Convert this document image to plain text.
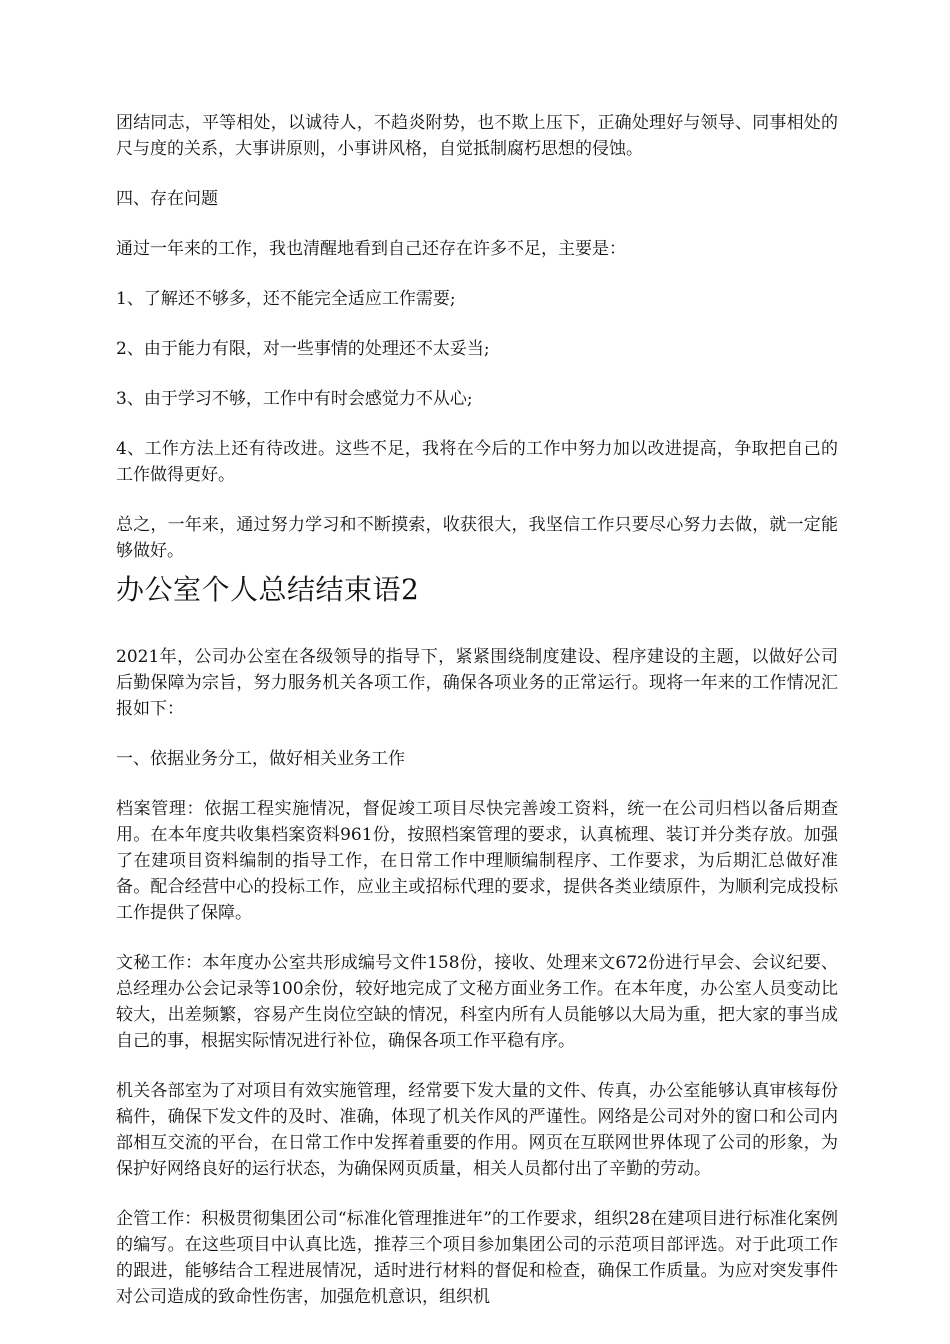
团结同志，平等相处，以诚待人，不趋炎附势，也不欺上压下，正确处理好与领导、同事相处的尺与度的关系，大事讲原则，小事讲风格，自觉抵制腐朽思想的侵蚀。

四、存在问题

通过一年来的工作，我也清醒地看到自己还存在许多不足，主要是：

1、了解还不够多，还不能完全适应工作需要;

2、由于能力有限，对一些事情的处理还不太妥当;

3、由于学习不够，工作中有时会感觉力不从心;

4、工作方法上还有待改进。这些不足，我将在今后的工作中努力加以改进提高，争取把自己的工作做得更好。

总之，一年来，通过努力学习和不断摸索，收获很大，我坚信工作只要尽心努力去做，就一定能够做好。

办公室个人总结结束语2

2021年，公司办公室在各级领导的指导下，紧紧围绕制度建设、程序建设的主题，以做好公司后勤保障为宗旨，努力服务机关各项工作，确保各项业务的正常运行。现将一年来的工作情况汇报如下：

一、依据业务分工，做好相关业务工作

档案管理：依据工程实施情况，督促竣工项目尽快完善竣工资料，统一在公司归档以备后期查用。在本年度共收集档案资料961份，按照档案管理的要求，认真梳理、装订并分类存放。加强了在建项目资料编制的指导工作，在日常工作中理顺编制程序、工作要求，为后期汇总做好准备。配合经营中心的投标工作，应业主或招标代理的要求，提供各类业绩原件，为顺利完成投标工作提供了保障。

文秘工作：本年度办公室共形成编号文件158份，接收、处理来文672份进行早会、会议纪要、总经理办公会记录等100余份，较好地完成了文秘方面业务工作。在本年度，办公室人员变动比较大，出差频繁，容易产生岗位空缺的情况，科室内所有人员能够以大局为重，把大家的事当成自己的事，根据实际情况进行补位，确保各项工作平稳有序。

机关各部室为了对项目有效实施管理，经常要下发大量的文件、传真，办公室能够认真审核每份稿件，确保下发文件的及时、准确，体现了机关作风的严谨性。网络是公司对外的窗口和公司内部相互交流的平台，在日常工作中发挥着重要的作用。网页在互联网世界体现了公司的形象，为保护好网络良好的运行状态，为确保网页质量，相关人员都付出了辛勤的劳动。

企管工作：积极贯彻集团公司“标准化管理推进年”的工作要求，组织28在建项目进行标准化案例的编写。在这些项目中认真比选，推荐三个项目参加集团公司的示范项目部评选。对于此项工作的跟进，能够结合工程进展情况，适时进行材料的督促和检查，确保工作质量。为应对突发事件对公司造成的致命性伤害，加强危机意识，组织机
